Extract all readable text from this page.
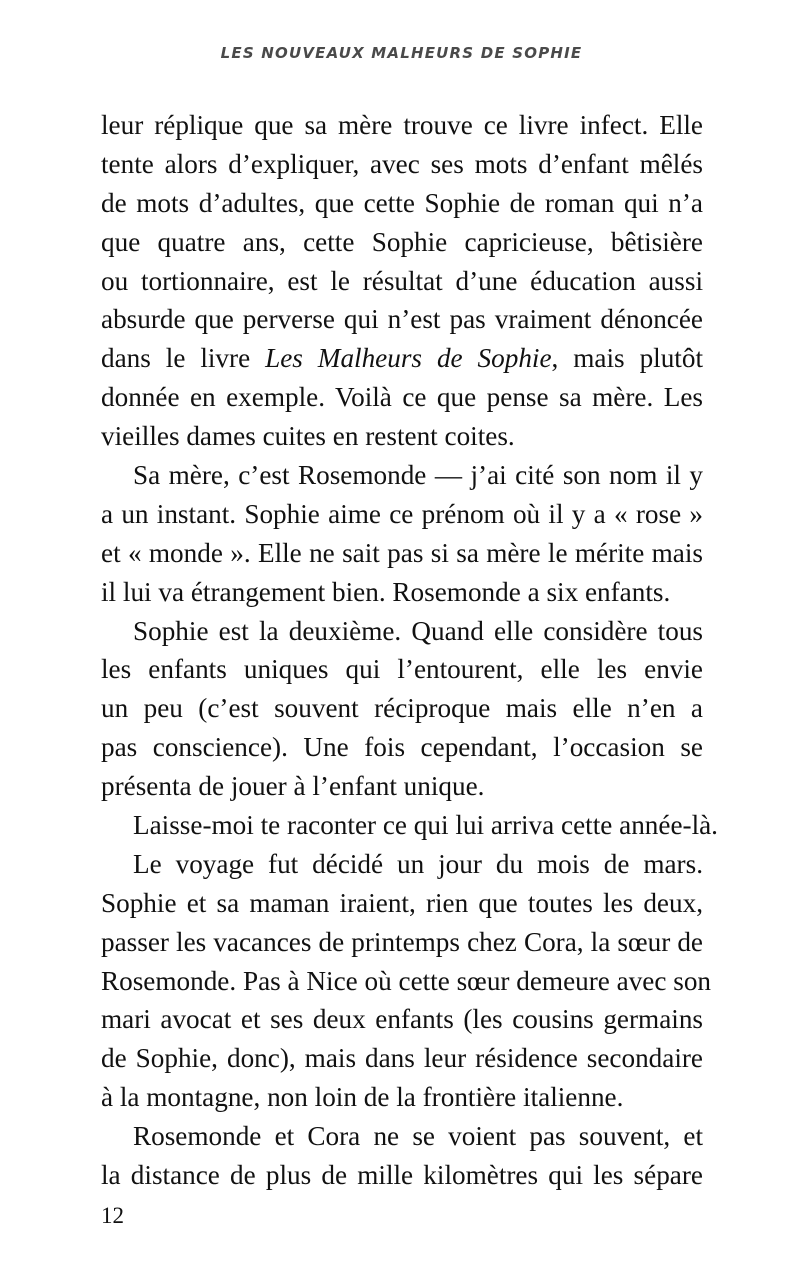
LES NOUVEAUX MALHEURS DE SOPHIE
leur réplique que sa mère trouve ce livre infect. Elle
tente alors d’expliquer, avec ses mots d’enfant mêlés
de mots d’adultes, que cette Sophie de roman qui n’a
que quatre ans, cette Sophie capricieuse, bêtisière
ou tortionnaire, est le résultat d’une éducation aussi
absurde que perverse qui n’est pas vraiment dénoncée
dans le livre Les Malheurs de Sophie, mais plutôt
donnée en exemple. Voilà ce que pense sa mère. Les
vieilles dames cuites en restent coites.
Sa mère, c’est Rosemonde — j’ai cité son nom il y
a un instant. Sophie aime ce prénom où il y a « rose »
et « monde ». Elle ne sait pas si sa mère le mérite mais
il lui va étrangement bien. Rosemonde a six enfants.
Sophie est la deuxième. Quand elle considère tous
les enfants uniques qui l’entourent, elle les envie
un peu (c’est souvent réciproque mais elle n’en a
pas conscience). Une fois cependant, l’occasion se
présenta de jouer à l’enfant unique.
Laisse-moi te raconter ce qui lui arriva cette année-là.
Le voyage fut décidé un jour du mois de mars.
Sophie et sa maman iraient, rien que toutes les deux,
passer les vacances de printemps chez Cora, la sœur de
Rosemonde. Pas à Nice où cette sœur demeure avec son
mari avocat et ses deux enfants (les cousins germains
de Sophie, donc), mais dans leur résidence secondaire
à la montagne, non loin de la frontière italienne.
Rosemonde et Cora ne se voient pas souvent, et
la distance de plus de mille kilomètres qui les sépare
12
